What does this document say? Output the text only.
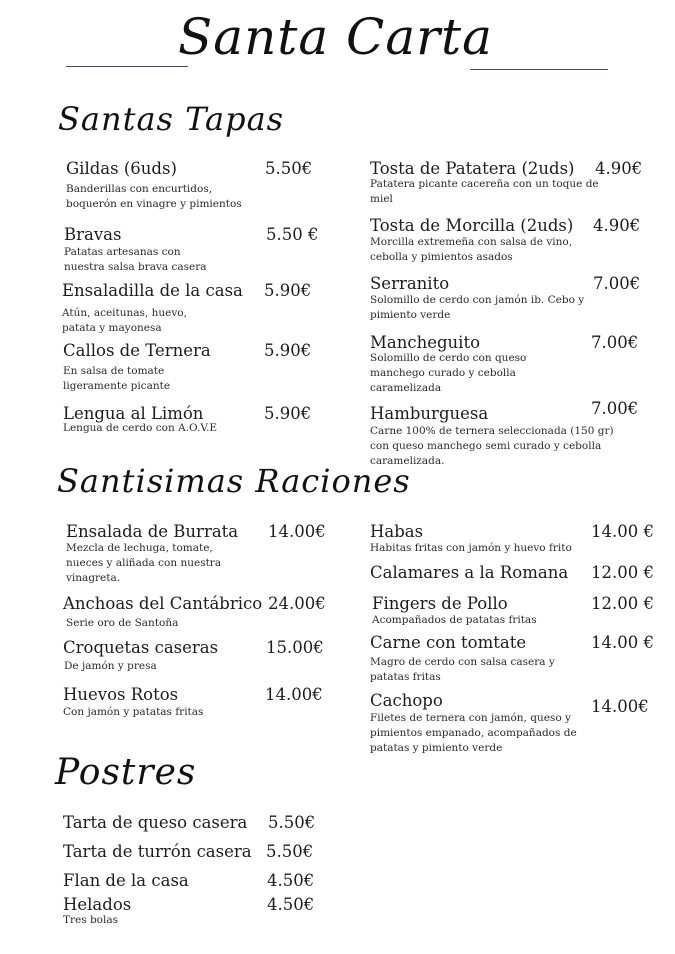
Santa Carta
Santas Tapas
Gildas (6uds)	5.50€
Banderillas con encurtidos, boquerón en vinagre y pimientos
Bravas	5.50 €
Patatas artesanas con nuestra salsa brava casera
Ensaladilla de la casa 5.90€
Atún, aceitunas, huevo, patata y mayonesa
Callos de Ternera	5.90€
En salsa de tomate ligeramente picante
Lengua al Limón	5.90€
Lengua de cerdo con A.O.V.E
Tosta de Patatera (2uds) 4.90€
Patatera picante cacereña con un toque de miel
Tosta de Morcilla (2uds) 4.90€
Morcilla extremeña con salsa de vino, cebolla y pimientos asados
Serranito	7.00€
Solomillo de cerdo con jamón ib. Cebo y pimiento verde
Mancheguito	7.00€
Solomillo de cerdo con queso manchego curado y cebolla caramelizada
Hamburguesa	7.00€
Carne 100% de ternera seleccionada (150 gr) con queso manchego semi curado y cebolla caramelizada.
Santisimas Raciones
Ensalada de Burrata 14.00€
Mezcla de lechuga, tomate, nueces y aliñada con nuestra vinagreta.
Anchoas del Cantábrico 24.00€
Serie oro de Santoña
Croquetas caseras	15.00€
De jamón y presa
Huevos Rotos	14.00€
Con jamón y patatas fritas
Habas	14.00 €
Habitas fritas con jamón y huevo frito
Calamares a la Romana 12.00 €
Fingers de Pollo	12.00 €
Acompañados de patatas fritas
Carne con tomtate	14.00 €
Magro de cerdo con salsa casera y patatas fritas
Cachopo	14.00€
Filetes de ternera con jamón, queso y pimientos empanado, acompañados de patatas y pimiento verde
Postres
Tarta de queso casera 5.50€
Tarta de turrón casera 5.50€
Flan de la casa	4.50€
Helados	4.50€
Tres bolas
